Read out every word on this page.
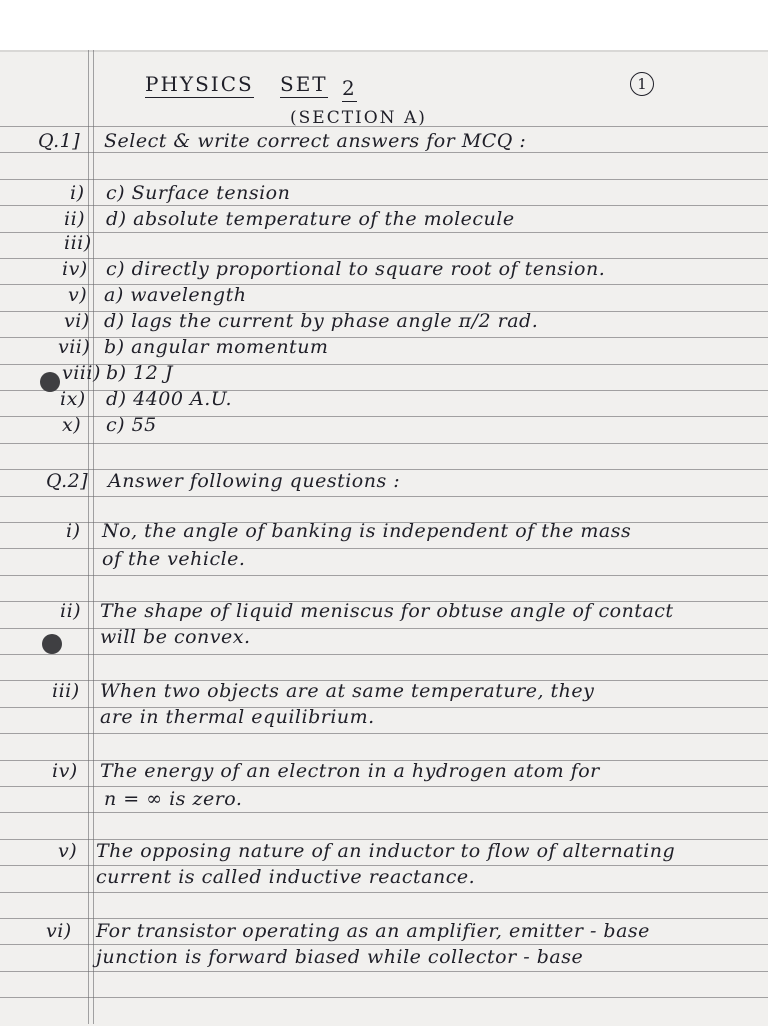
PHYSICS SET 2	1
(SECTION A)
Q.1] Select & write correct answers for MCQ :
i) c) Surface tension
ii) d) absolute temperature of the molecule
iii)
iv) c) directly proportional to square root of tension.
v) a) wavelength
vi) d) lags the current by phase angle π/2 rad.
vii) b) angular momentum
viii) b) 12 J
ix) d) 4400 A.U.
x) c) 55
Q.2] Answer following questions :
i) No, the angle of banking is independent of the mass
of the vehicle.
ii) The shape of liquid meniscus for obtuse angle of contact
will be convex.
iii) When two objects are at same temperature, they
are in thermal equilibrium.
iv) The energy of an electron in a hydrogen atom for
n = ∞ is zero.
v) The opposing nature of an inductor to flow of alternating
current is called inductive reactance.
vi) For transistor operating as an amplifier, emitter - base
junction is forward biased while collector - base
